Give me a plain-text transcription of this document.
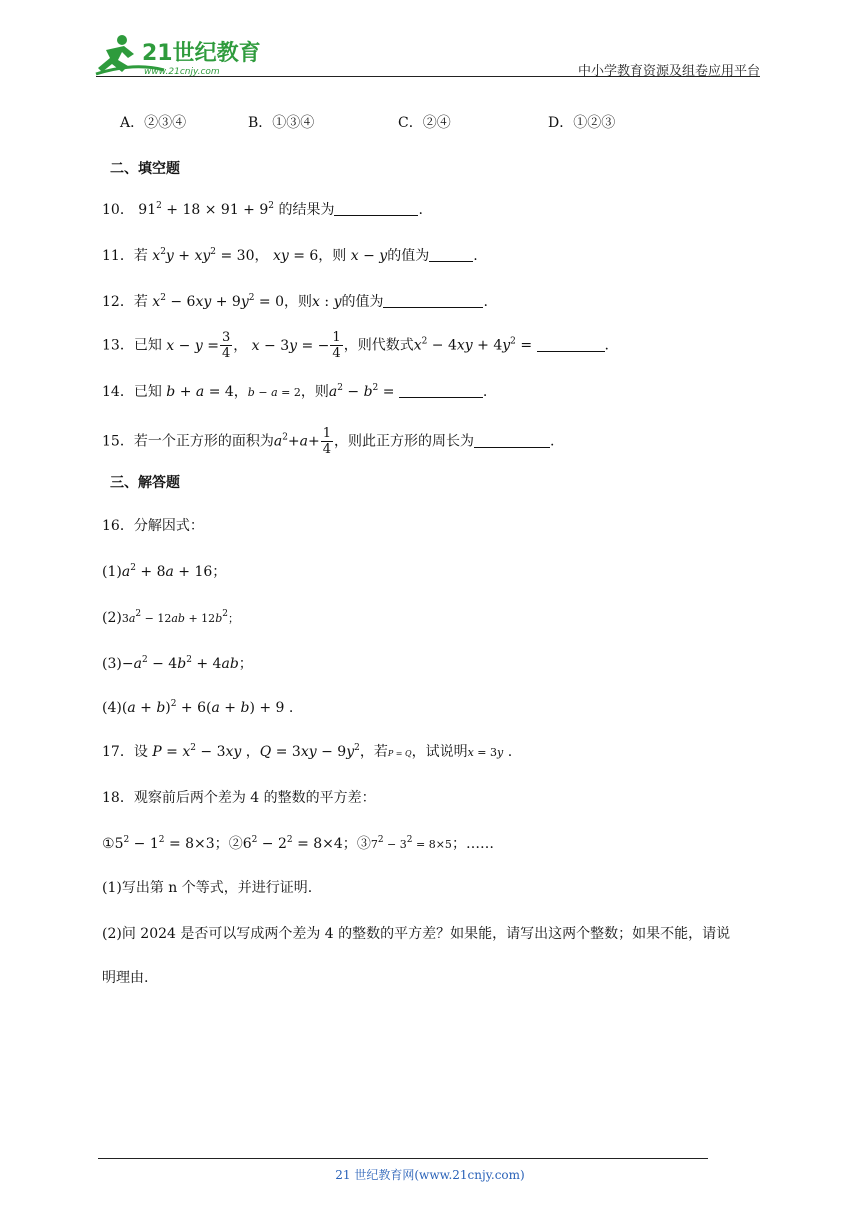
21世纪教育
www.21cnjy.com	中小学教育资源及组卷应用平台
A．②③④	B．①③④	C．②④	D．①②③
二、填空题
10． $91^2 + 18 \times 91 + 9^2$ 的结果为	.
11．若 $x^2y + xy^2 = 30$， xy = 6，则 x − y的值为	.
12．若 $x^2 - 6xy + 9y^2 = 0$，则x : y的值为	.
13．已知 $x - y = \frac{3}{4}$ ， x − 3y = − $\frac{1}{4}$ ，则代数式$x^2 - 4xy + 4y^2$ =	.
14．已知 b + a = 4，b − a = 2，则$a^2 - b^2$ =	.
15．若一个正方形的面积为$a^2+a+ \frac{1}{4}$ ，则此正方形的周长为	.
三、解答题
16．分解因式：
$(1)a^2 + 8a + 16$；
$(2)3a^2 - 12ab + 12b^2$；
$(3)-a^2 - 4b^2 + 4ab$；
$(4)(a + b)^2 + 6(a + b) + 9$ .
17．设 $P = x^2 - 3xy$ ，$Q = 3xy - 9y^2$，若P = Q，试说明x = 3y .
18．观察前后两个差为 4 的整数的平方差：
$①5^2 - 1^2 = 8\times 3$；$②6^2 - 2^2 = 8\times 4$；$③7^2 - 3^2 = 8\times 5$；……
(1)写出第 n 个等式，并进行证明.
(2)问 2024 是否可以写成两个差为 4 的整数的平方差？如果能，请写出这两个整数；如果不能，请说
明理由.
21 世纪教育网(www.21cnjy.com)
